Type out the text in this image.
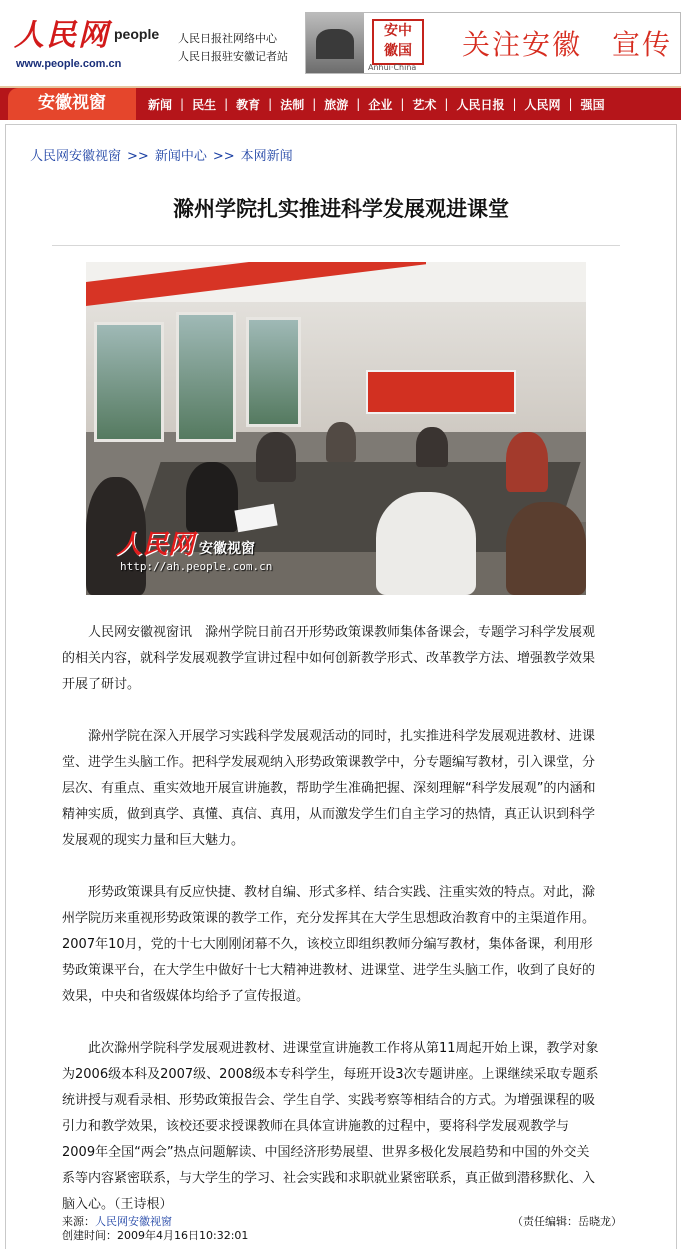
人民网 people
www.people.com.cn
人民日报社网络中心
人民日报驻安徽记者站
安中
徽国
Anhui·China
关注安徽　宣传
安徽视窗	新闻 | 民生 | 教育 | 法制 | 旅游 | 企业 | 艺术 | 人民日报 | 人民网 | 强国
人民网安徽视窗 >> 新闻中心 >> 本网新闻
滁州学院扎实推进科学发展观进课堂
人民网 安徽视窗
http://ah.people.com.cn

人民网安徽视窗讯　滁州学院日前召开形势政策课教师集体备课会，专题学习科学发展观的相关内容，就科学发展观教学宣讲过程中如何创新教学形式、改革教学方法、增强教学效果开展了研讨。

滁州学院在深入开展学习实践科学发展观活动的同时，扎实推进科学发展观进教材、进课堂、进学生头脑工作。把科学发展观纳入形势政策课教学中，分专题编写教材，引入课堂，分层次、有重点、重实效地开展宣讲施教，帮助学生准确把握、深刻理解“科学发展观”的内涵和精神实质，做到真学、真懂、真信、真用，从而激发学生们自主学习的热情，真正认识到科学发展观的现实力量和巨大魅力。

形势政策课具有反应快捷、教材自编、形式多样、结合实践、注重实效的特点。对此，滁州学院历来重视形势政策课的教学工作，充分发挥其在大学生思想政治教育中的主渠道作用。2007年10月，党的十七大刚刚闭幕不久，该校立即组织教师分编写教材，集体备课，利用形势政策课平台，在大学生中做好十七大精神进教材、进课堂、进学生头脑工作，收到了良好的效果，中央和省级媒体均给予了宣传报道。

此次滁州学院科学发展观进教材、进课堂宣讲施教工作将从第11周起开始上课，教学对象为2006级本科及2007级、2008级本专科学生，每班开设3次专题讲座。上课继续采取专题系统讲授与观看录相、形势政策报告会、学生自学、实践考察等相结合的方式。为增强课程的吸引力和教学效果，该校还要求授课教师在具体宣讲施教的过程中，要将科学发展观教学与2009年全国“两会”热点问题解读、中国经济形势展望、世界多极化发展趋势和中国的外交关系等内容紧密联系，与大学生的学习、社会实践和求职就业紧密联系，真正做到潜移默化、入脑入心。（王诗根）

来源：人民网安徽视窗	（责任编辑：岳晓龙）
创建时间：2009年4月16日10:32:01
